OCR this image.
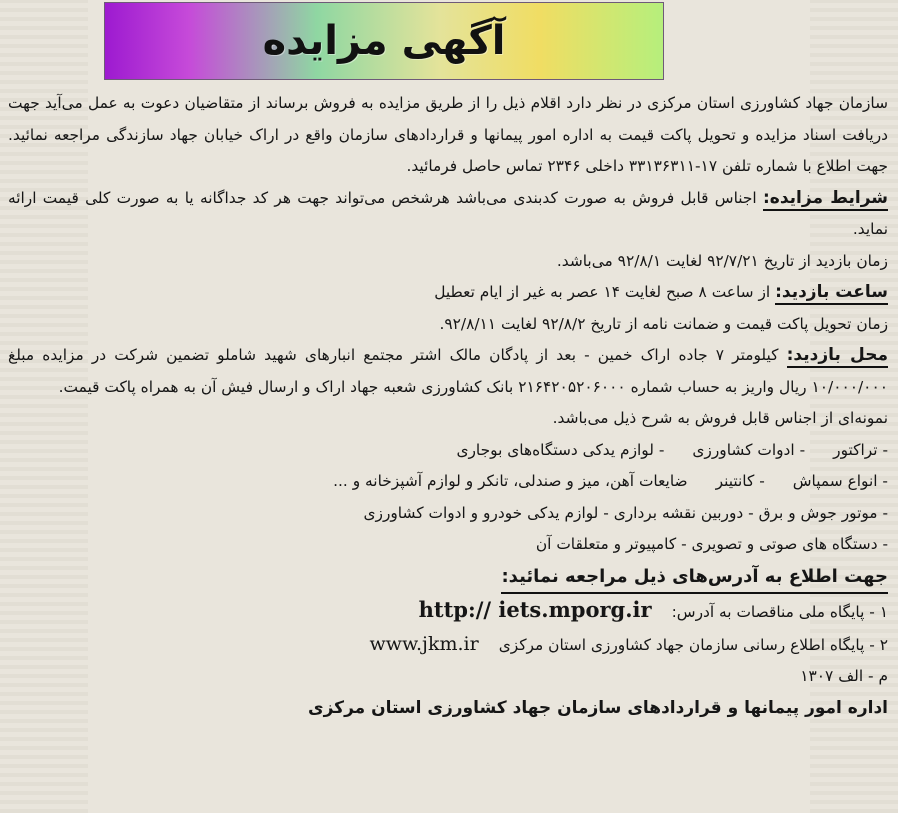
آگهی مزایده

سازمان جهاد کشاورزی استان مرکزی در نظر دارد اقلام ذیل را از طریق مزایده به فروش برساند از متقاضیان دعوت به عمل می‌آید جهت دریافت اسناد مزایده و تحویل پاکت قیمت به اداره امور پیمانها و قراردادهای سازمان واقع در اراک خیابان جهاد سازندگی مراجعه نمائید. جهت اطلاع با شماره تلفن ۱۷-۳۳۱۳۶۳۱۱ داخلی ۲۳۴۶ تماس حاصل فرمائید.

شرایط مزایده: اجناس قابل فروش به صورت کدبندی می‌باشد هرشخص می‌تواند جهت هر کد جداگانه یا به صورت کلی قیمت ارائه نماید.

زمان بازدید از تاریخ ۹۲/۷/۲۱ لغایت ۹۲/۸/۱ می‌باشد.

ساعت بازدید: از ساعت ۸ صبح لغایت ۱۴ عصر به غیر از ایام تعطیل

زمان تحویل پاکت قیمت و ضمانت نامه از تاریخ ۹۲/۸/۲ لغایت ۹۲/۸/۱۱.

محل بازدید: کیلومتر ۷ جاده اراک خمین - بعد از پادگان مالک اشتر مجتمع انبارهای شهید شاملو تضمین شرکت در مزایده مبلغ ۱۰/۰۰۰/۰۰۰ ریال واریز به حساب شماره ۲۱۶۴۲۰۵۲۰۶۰۰۰ بانک کشاورزی شعبه جهاد اراک و ارسال فیش آن به همراه پاکت قیمت.

نمونه‌ای از اجناس قابل فروش به شرح ذیل می‌باشد.

- تراکتور
- ادوات کشاورزی
- لوازم یدکی دستگاه‌های بوجاری
- انواع سمپاش
- کانتینر
ضایعات آهن، میز و صندلی، تانکر و لوازم آشپزخانه و ...
- موتور جوش و برق - دوربین نقشه برداری - لوازم یدکی خودرو و ادوات کشاورزی
- دستگاه های صوتی و تصویری - کامپیوتر و متعلقات آن

جهت اطلاع به آدرس‌های ذیل مراجعه نمائید:

۱ - پایگاه ملی مناقصات به آدرس:
http:// iets.mporg.ir

۲ - پایگاه اطلاع رسانی سازمان جهاد کشاورزی استان مرکزی
www.jkm.ir

م - الف ۱۳۰۷

اداره امور پیمانها و قراردادهای سازمان جهاد کشاورزی استان مرکزی
